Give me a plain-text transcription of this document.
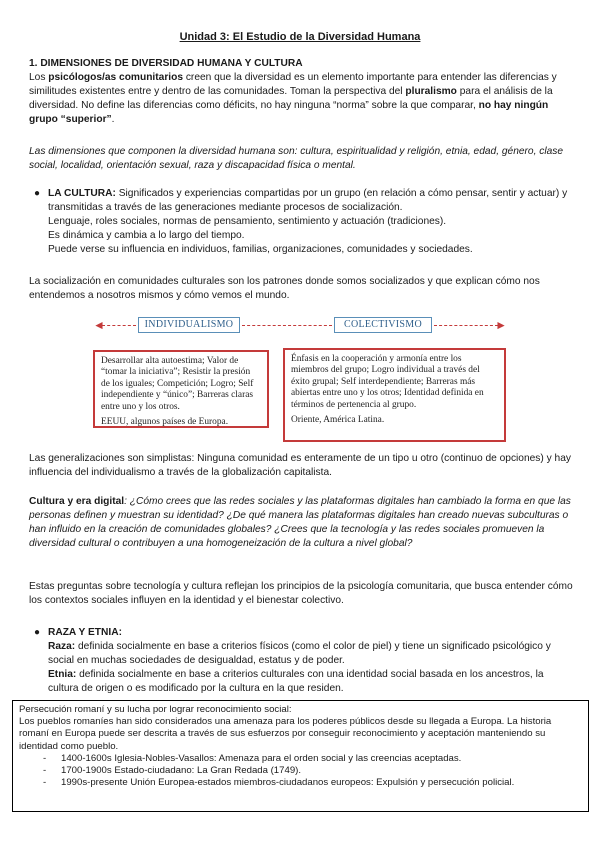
Unidad 3: El Estudio de la Diversidad Humana
1. DIMENSIONES DE DIVERSIDAD HUMANA Y CULTURA
Los psicólogos/as comunitarios creen que la diversidad es un elemento importante para entender las diferencias y similitudes existentes entre y dentro de las comunidades. Toman la perspectiva del pluralismo para el análisis de la diversidad. No define las diferencias como déficits, no hay ninguna “norma” sobre la que comparar, no hay ningún grupo “superior”.
Las dimensiones que componen la diversidad humana son: cultura, espiritualidad y religión, etnia, edad, género, clase social, localidad, orientación sexual, raza y discapacidad física o mental.
● LA CULTURA: Significados y experiencias compartidas por un grupo (en relación a cómo pensar, sentir y actuar) y transmitidas a través de las generaciones mediante procesos de socialización.
Lenguaje, roles sociales, normas de pensamiento, sentimiento y actuación (tradiciones).
Es dinámica y cambia a lo largo del tiempo.
Puede verse su influencia en individuos, familias, organizaciones, comunidades y sociedades.
La socialización en comunidades culturales son los patrones donde somos socializados y que explican cómo nos entendemos a nosotros mismos y cómo vemos el mundo.
◄	INDIVIDUALISMO	COLECTIVISMO	►

Desarrollar alta autoestima; Valor de “tomar la iniciativa”; Resistir la presión de los iguales; Competición; Logro; Self independiente y “único”; Barreras claras entre uno y los otros.

EEUU, algunos países de Europa.

Énfasis en la cooperación y armonía entre los miembros del grupo; Logro individual a través del éxito grupal; Self interdependiente; Barreras más abiertas entre uno y los otros; Identidad definida en términos de pertenencia al grupo.

Oriente, América Latina.

Las generalizaciones son simplistas: Ninguna comunidad es enteramente de un tipo u otro (continuo de opciones) y hay influencia del individualismo a través de la globalización capitalista.
Cultura y era digital: ¿Cómo crees que las redes sociales y las plataformas digitales han cambiado la forma en que las personas definen y muestran su identidad? ¿De qué manera las plataformas digitales han creado nuevas subculturas o han influido en la creación de comunidades globales? ¿Crees que la tecnología y las redes sociales promueven la diversidad cultural o contribuyen a una homogeneización de la cultura a nivel global?
Estas preguntas sobre tecnología y cultura reflejan los principios de la psicología comunitaria, que busca entender cómo los contextos sociales influyen en la identidad y el bienestar colectivo.
● RAZA Y ETNIA:
Raza: definida socialmente en base a criterios físicos (como el color de piel) y tiene un significado psicológico y social en muchas sociedades de desigualdad, estatus y de poder.
Etnia: definida socialmente en base a criterios culturales con una identidad social basada en los ancestros, la cultura de origen o es modificado por la cultura en la que residen.
Persecución romaní y su lucha por lograr reconocimiento social:
Los pueblos romaníes han sido considerados una amenaza para los poderes públicos desde su llegada a Europa. La historia romaní en Europa puede ser descrita a través de sus esfuerzos por conseguir reconocimiento y aceptación manteniendo su identidad como pueblo.
- 1400-1600s Iglesia-Nobles-Vasallos: Amenaza para el orden social y las creencias aceptadas.
- 1700-1900s Estado-ciudadano: La Gran Redada (1749).
- 1990s-presente Unión Europea-estados miembros-ciudadanos europeos: Expulsión y persecución policial.
